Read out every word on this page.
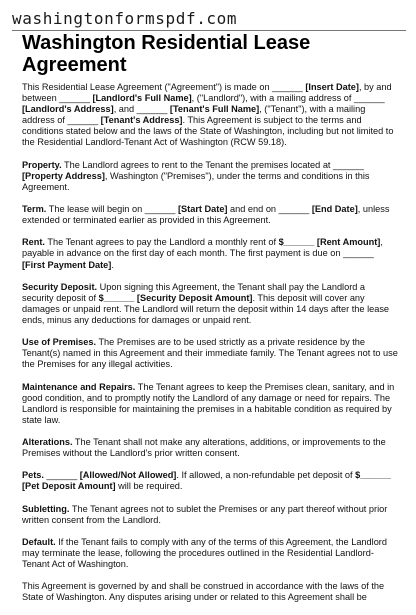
washingtonformspdf.com
Washington Residential Lease
Agreement

This Residential Lease Agreement ("Agreement") is made on ______ [Insert Date], by and between ______ [Landlord's Full Name], ("Landlord"), with a mailing address of ______ [Landlord's Address], and ______ [Tenant's Full Name], ("Tenant"), with a mailing address of ______ [Tenant's Address]. This Agreement is subject to the terms and conditions stated below and the laws of the State of Washington, including but not limited to the Residential Landlord-Tenant Act of Washington (RCW 59.18).

Property. The Landlord agrees to rent to the Tenant the premises located at ______ [Property Address], Washington ("Premises"), under the terms and conditions in this Agreement.

Term. The lease will begin on ______ [Start Date] and end on ______ [End Date], unless extended or terminated earlier as provided in this Agreement.

Rent. The Tenant agrees to pay the Landlord a monthly rent of $______ [Rent Amount], payable in advance on the first day of each month. The first payment is due on ______ [First Payment Date].

Security Deposit. Upon signing this Agreement, the Tenant shall pay the Landlord a security deposit of $______ [Security Deposit Amount]. This deposit will cover any damages or unpaid rent. The Landlord will return the deposit within 14 days after the lease ends, minus any deductions for damages or unpaid rent.

Use of Premises. The Premises are to be used strictly as a private residence by the Tenant(s) named in this Agreement and their immediate family. The Tenant agrees not to use the Premises for any illegal activities.

Maintenance and Repairs. The Tenant agrees to keep the Premises clean, sanitary, and in good condition, and to promptly notify the Landlord of any damage or need for repairs. The Landlord is responsible for maintaining the premises in a habitable condition as required by state law.

Alterations. The Tenant shall not make any alterations, additions, or improvements to the Premises without the Landlord's prior written consent.

Pets. ______ [Allowed/Not Allowed]. If allowed, a non-refundable pet deposit of $______ [Pet Deposit Amount] will be required.

Subletting. The Tenant agrees not to sublet the Premises or any part thereof without prior written consent from the Landlord.

Default. If the Tenant fails to comply with any of the terms of this Agreement, the Landlord may terminate the lease, following the procedures outlined in the Residential Landlord-Tenant Act of Washington.

This Agreement is governed by and shall be construed in accordance with the laws of the State of Washington. Any disputes arising under or related to this Agreement shall be
